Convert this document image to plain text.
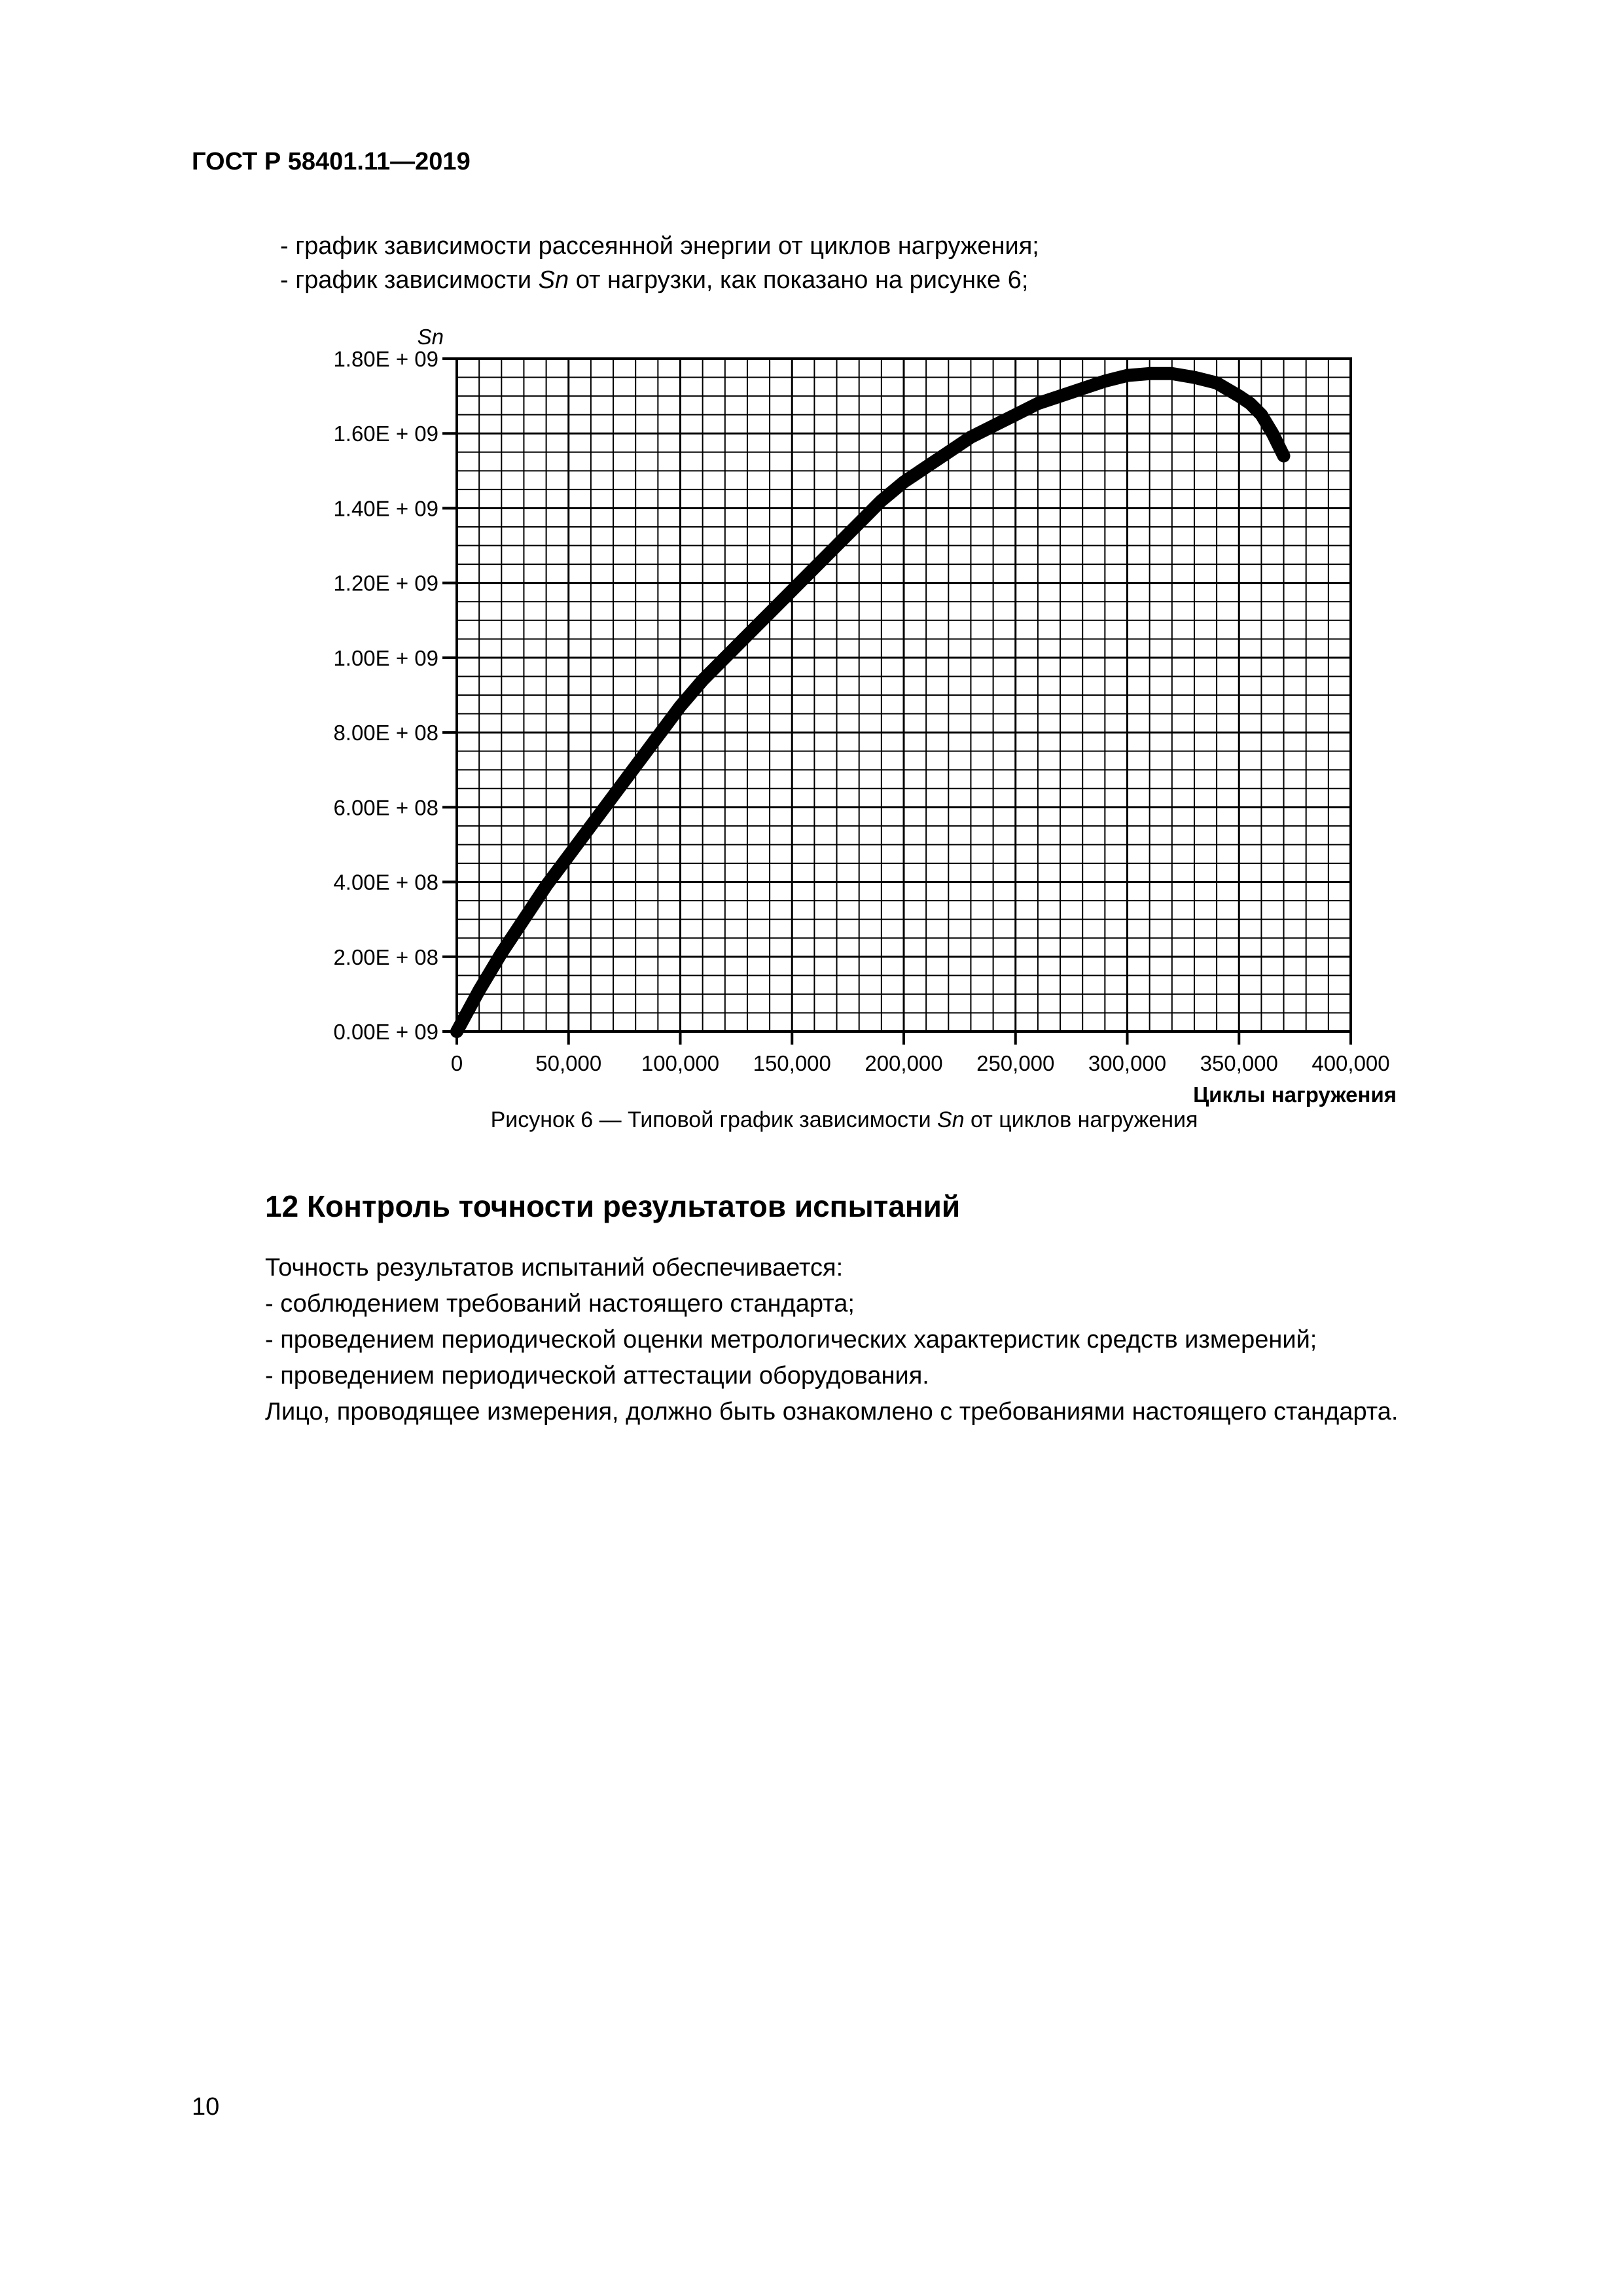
ГОСТ Р 58401.11—2019
- график зависимости рассеянной энергии от циклов нагружения;
- график зависимости Sn от нагрузки, как показано на рисунке 6;
0.00E + 09
2.00E + 08
4.00E + 08
6.00E + 08
8.00E + 08
1.00E + 09
1.20E + 09
1.40E + 09
1.60E + 09
1.80E + 09
0	50,000 100,000 150,000 200,000 250,000 300,000 350,000 400,000
Sn
Циклы нагружения
Рисунок 6 — Типовой график зависимости Sn от циклов нагружения
12 Контроль точности результатов испытаний
Точность результатов испытаний обеспечивается:
- соблюдением требований настоящего стандарта;
- проведением периодической оценки метрологических характеристик средств измерений;
- проведением периодической аттестации оборудования.
Лицо, проводящее измерения, должно быть ознакомлено с требованиями настоящего стандарта.
10
